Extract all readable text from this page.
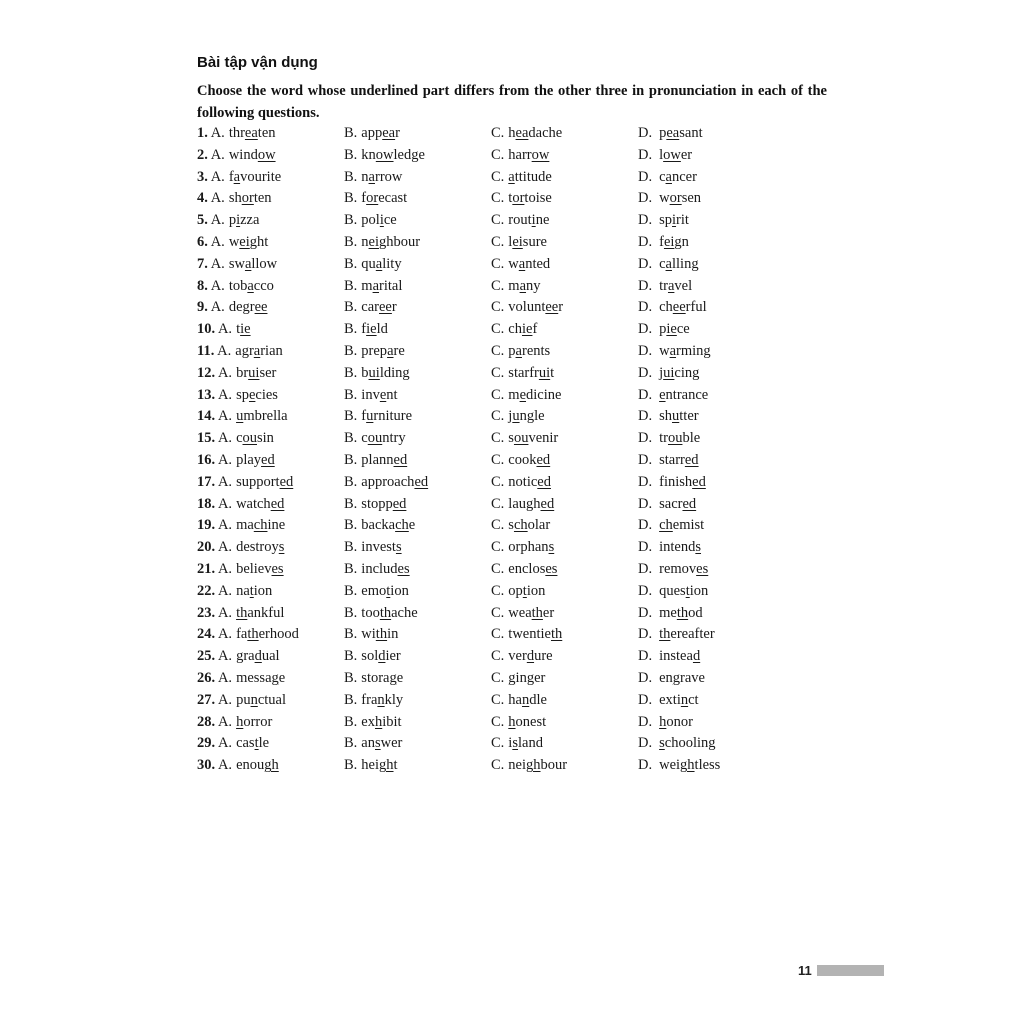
Bài tập vận dụng
Choose the word whose underlined part differs from the other three in pronunciation in each of the following questions.
1. A. threaten	B. appear	C. headache	D. peasant
2. A. window	B. knowledge	C. harrow	D. lower
3. A. favourite	B. narrow	C. attitude	D. cancer
4. A. shorten	B. forecast	C. tortoise	D. worsen
5. A. pizza	B. police	C. routine	D. spirit
6. A. weight	B. neighbour	C. leisure	D. feign
7. A. swallow	B. quality	C. wanted	D. calling
8. A. tobacco	B. marital	C. many	D. travel
9. A. degree	B. career	C. volunteer	D. cheerful
10. A. tie	B. field	C. chief	D. piece
11. A. agrarian	B. prepare	C. parents	D. warming
12. A. bruiser	B. building	C. starfruit	D. juicing
13. A. species	B. invent	C. medicine	D. entrance
14. A. umbrella	B. furniture	C. jungle	D. shutter
15. A. cousin	B. country	C. souvenir	D. trouble
16. A. played	B. planned	C. cooked	D. starred
17. A. supported	B. approached	C. noticed	D. finished
18. A. watched	B. stopped	C. laughed	D. sacred
19. A. machine	B. backache	C. scholar	D. chemist
20. A. destroys	B. invests	C. orphans	D. intends
21. A. believes	B. includes	C. encloses	D. removes
22. A. nation	B. emotion	C. option	D. question
23. A. thankful	B. toothache	C. weather	D. method
24. A. fatherhood	B. within	C. twentieth	D. thereafter
25. A. gradual	B. soldier	C. verdure	D. instead
26. A. message	B. storage	C. ginger	D. engrave
27. A. punctual	B. frankly	C. handle	D. extinct
28. A. horror	B. exhibit	C. honest	D. honor
29. A. castle	B. answer	C. island	D. schooling
30. A. enough	B. height	C. neighbour	D. weightless
11
